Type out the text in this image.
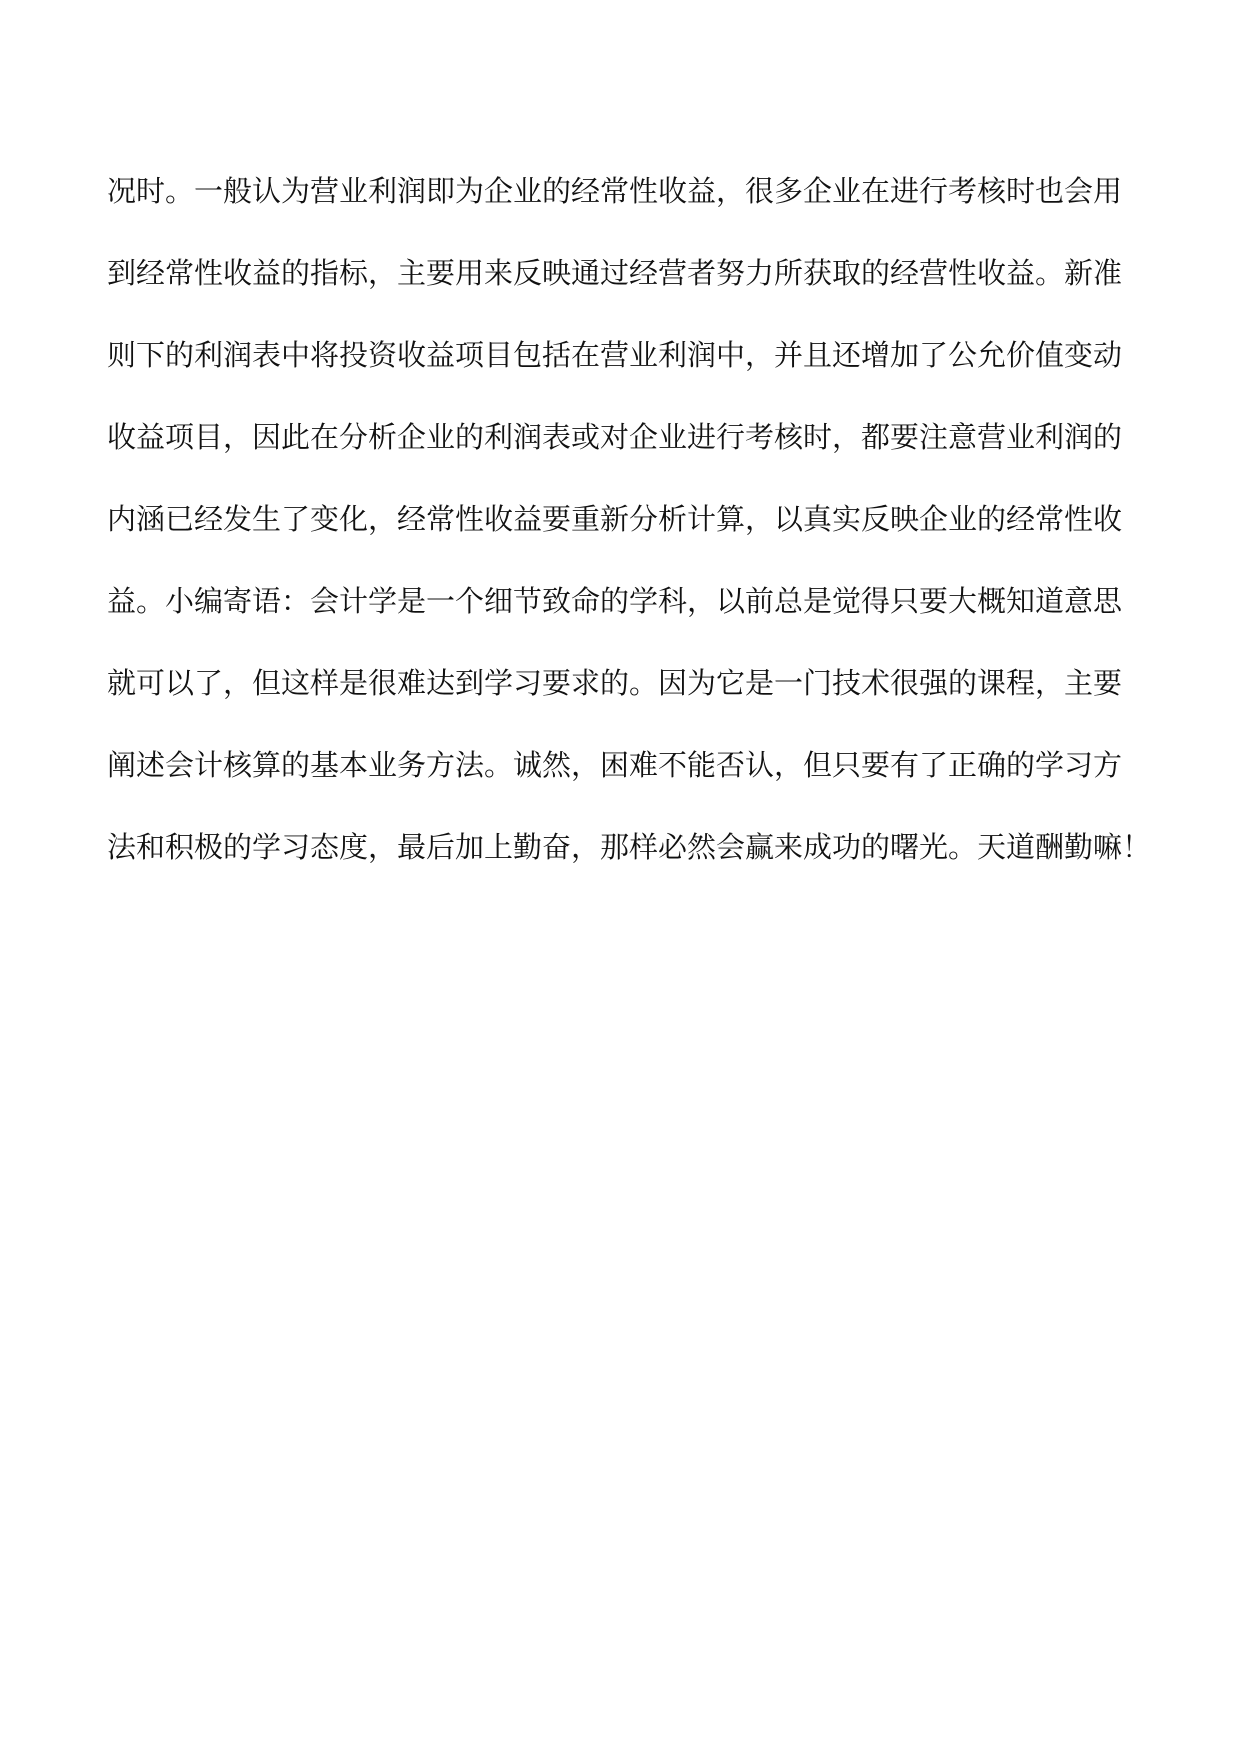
况时。一般认为营业利润即为企业的经常性收益，很多企业在进行考核时也会用
到经常性收益的指标，主要用来反映通过经营者努力所获取的经营性收益。新准
则下的利润表中将投资收益项目包括在营业利润中，并且还增加了公允价值变动
收益项目，因此在分析企业的利润表或对企业进行考核时，都要注意营业利润的
内涵已经发生了变化，经常性收益要重新分析计算，以真实反映企业的经常性收
益。小编寄语：会计学是一个细节致命的学科，以前总是觉得只要大概知道意思
就可以了，但这样是很难达到学习要求的。因为它是一门技术很强的课程，主要
阐述会计核算的基本业务方法。诚然，困难不能否认，但只要有了正确的学习方
法和积极的学习态度，最后加上勤奋，那样必然会赢来成功的曙光。天道酬勤嘛！
